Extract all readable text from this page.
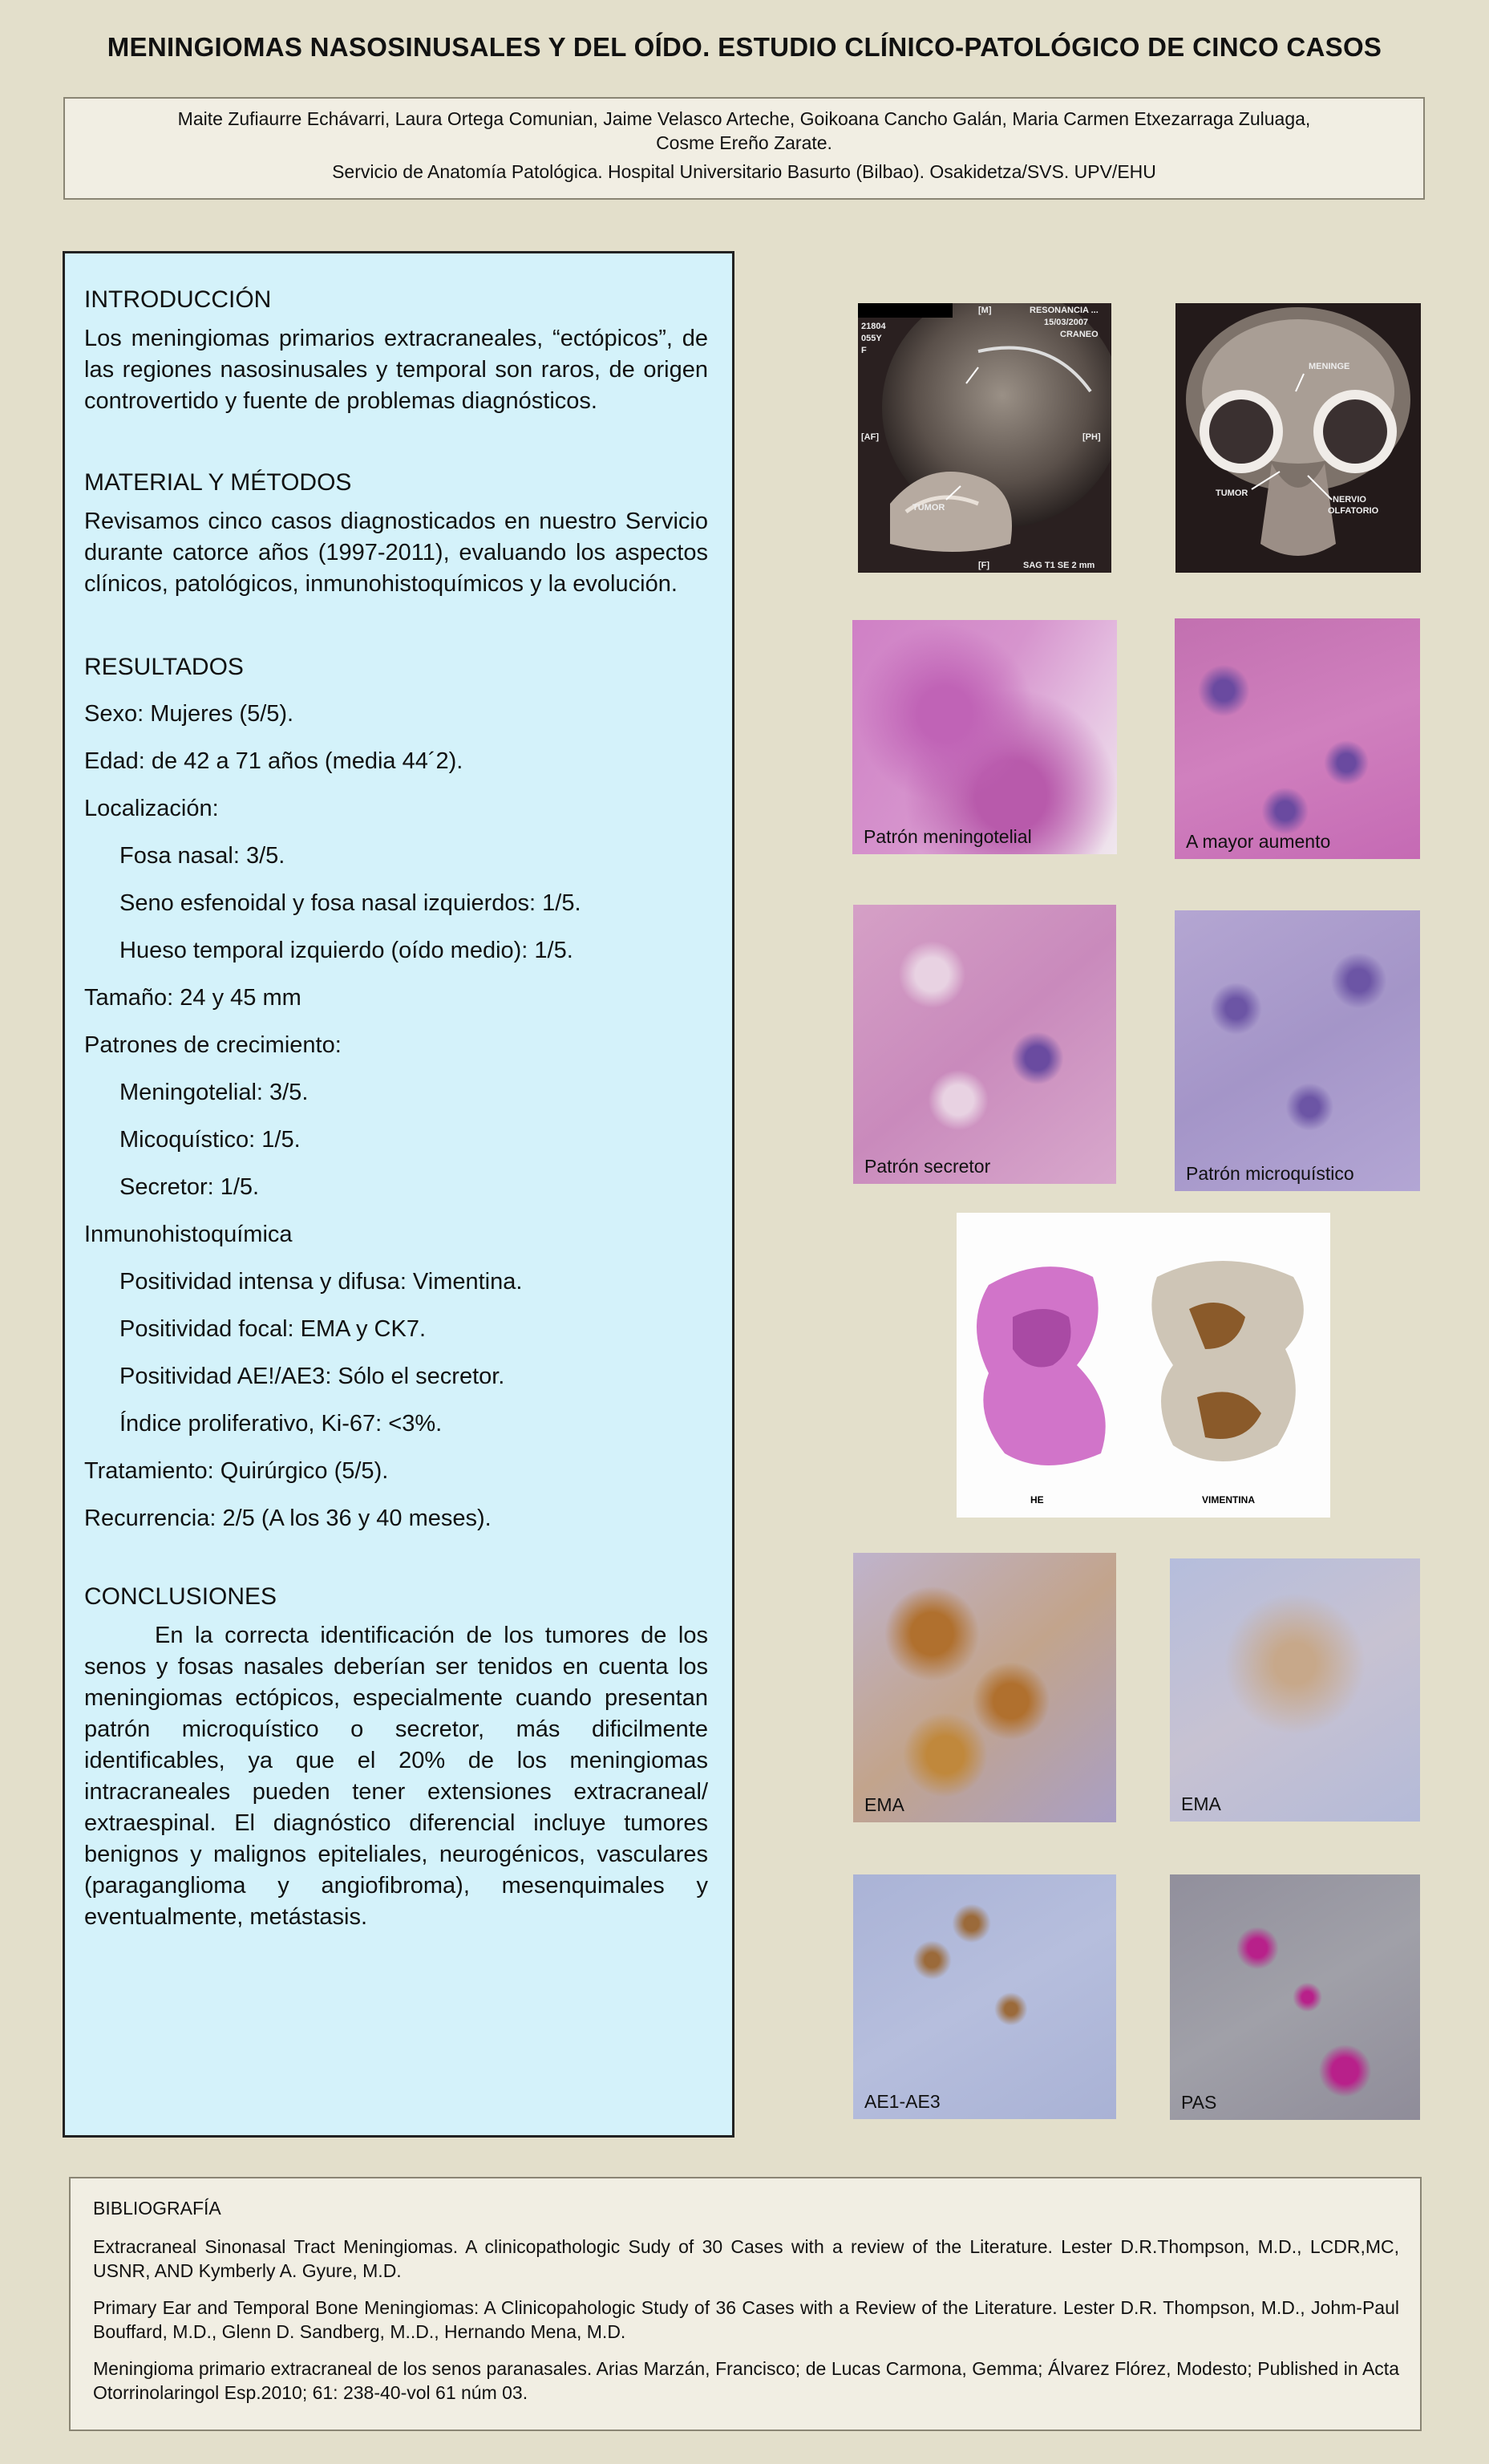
MENINGIOMAS NASOSINUSALES Y DEL OÍDO. ESTUDIO CLÍNICO-PATOLÓGICO DE CINCO CASOS
Maite Zufiaurre Echávarri, Laura Ortega Comunian, Jaime Velasco Arteche, Goikoana Cancho Galán, Maria Carmen Etxezarraga Zuluaga,
Cosme Ereño Zarate.
Servicio de Anatomía Patológica. Hospital Universitario Basurto (Bilbao). Osakidetza/SVS. UPV/EHU
INTRODUCCIÓN

Los meningiomas primarios extracraneales, “ectópicos”, de las regiones nasosinusales y temporal son raros, de origen controvertido y fuente de problemas diagnósticos.

MATERIAL Y MÉTODOS

Revisamos cinco casos diagnosticados en nuestro Servicio durante catorce años (1997-2011), evaluando los aspectos clínicos, patológicos, inmunohistoquímicos y la evolución.

RESULTADOS
Sexo: Mujeres (5/5).
Edad: de 42 a 71 años (media 44´2).
Localización:
Fosa nasal: 3/5.
Seno esfenoidal y fosa nasal izquierdos: 1/5.
Hueso temporal izquierdo (oído medio): 1/5.
Tamaño: 24 y 45 mm
Patrones de crecimiento:
Meningotelial: 3/5.
Micoquístico: 1/5.
Secretor: 1/5.
Inmunohistoquímica
Positividad intensa y difusa: Vimentina.
Positividad focal: EMA y CK7.
Positividad AE!/AE3: Sólo el secretor.
Índice proliferativo, Ki-67: <3%.
Tratamiento: Quirúrgico (5/5).
Recurrencia: 2/5 (A los 36 y 40 meses).
CONCLUSIONES

En la correcta identificación de los tumores de los senos y fosas nasales deberían ser tenidos en cuenta los meningiomas ectópicos, especialmente cuando presentan patrón microquístico o secretor, más dificilmente identificables, ya que el 20% de los meningiomas intracraneales pueden tener extensiones extracraneal/ extraespinal. El diagnóstico diferencial incluye tumores benignos y malignos epiteliales, neurogénicos, vasculares (paraganglioma y angiofibroma), mesenquimales y eventualmente, metástasis.

21804
055Y
F
[M]	RESONANCIA ...
15/03/2007
CRANEO
[AF]	[PH]
[F]
TUMOR
SAG T1 SE 2 mm
MENINGE
TUMOR
NERVIO
OLFATORIO
Patrón meningotelial	A mayor aumento
Patrón secretor	Patrón microquístico
HE	VIMENTINA
EMA	EMA
AE1-AE3	PAS
BIBLIOGRAFÍA
Extracraneal Sinonasal Tract Meningiomas. A clinicopathologic Sudy of 30 Cases with a review of the Literature. Lester D.R.Thompson, M.D., LCDR,MC, USNR, AND Kymberly A. Gyure, M.D.
Primary Ear and Temporal Bone Meningiomas: A Clinicopahologic Study of 36 Cases with a Review of the Literature. Lester D.R. Thompson, M.D., Johm-Paul Bouffard, M.D., Glenn D. Sandberg, M..D., Hernando Mena, M.D.
Meningioma primario extracraneal de los senos paranasales. Arias Marzán, Francisco; de Lucas Carmona, Gemma; Álvarez Flórez, Modesto; Published in Acta Otorrinolaringol Esp.2010; 61: 238-40-vol 61 núm 03.
